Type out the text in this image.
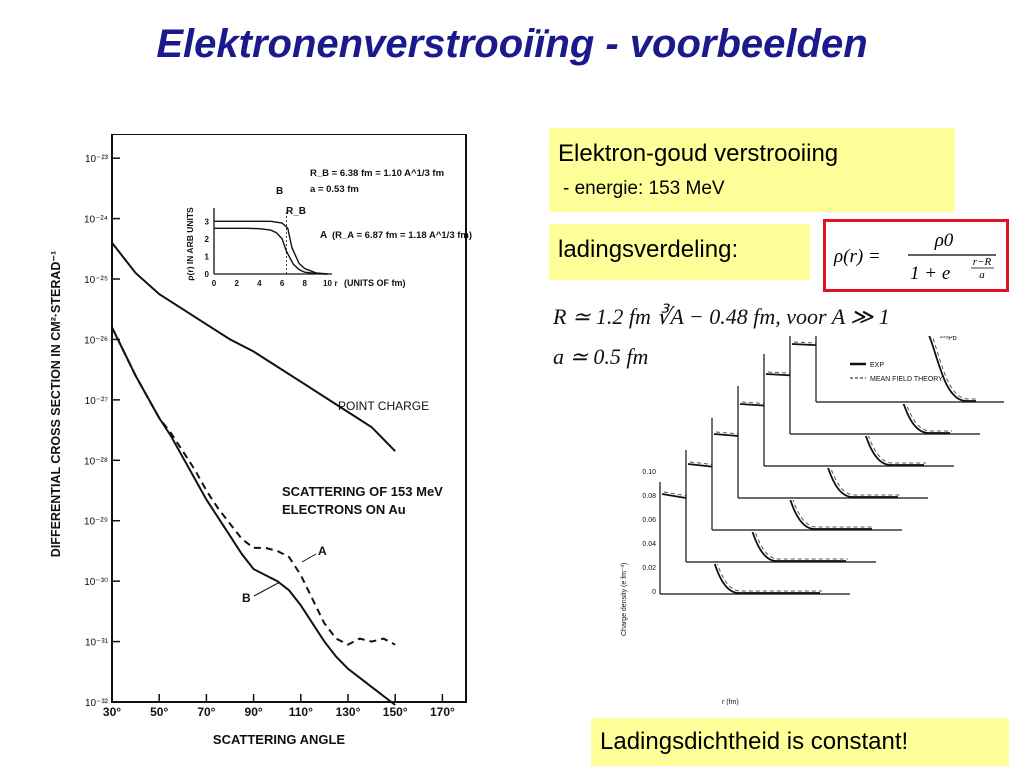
Elektronenverstrooiïng - voorbeelden
Elektron-goud verstrooiing
- energie: 153 MeV
ladingsverdeling:	ρ(r) =
ρ0
1 + e
r−R
a
R ≃ 1.2 fm ∛A − 0.48 fm, voor A ≫ 1
a ≃ 0.5 fm
30° 50° 70° 90° 110° 130° 150° 170°
10⁻²³
10⁻²⁴
10⁻²⁵
10⁻²⁶
10⁻²⁷
10⁻²⁸
10⁻²⁹
10⁻³⁰
10⁻³¹
10⁻³²
SCATTERING ANGLE
DIFFERENTIAL CROSS SECTION IN CM²·STERAD⁻¹	POINT CHARGE
SCATTERING OF 153 MeV
ELECTRONS ON Au
A
B
0 2 4 6 8 10 r
0
1
2
3
(UNITS OF fm)
ρ(r) IN ARB UNITS
B
R_B
A
R_B = 6.38 fm = 1.10 A^1/3 fm
a = 0.53 fm
(R_A = 6.87 fm = 1.18 A^1/3 fm)
²⁰⁸Pb
Charge density (e fm⁻³)
r (fm)
0
0.02
0.04
0.06
0.08
0.10
EXP
MEAN FIELD THEORY
Ladingsdichtheid is constant!
